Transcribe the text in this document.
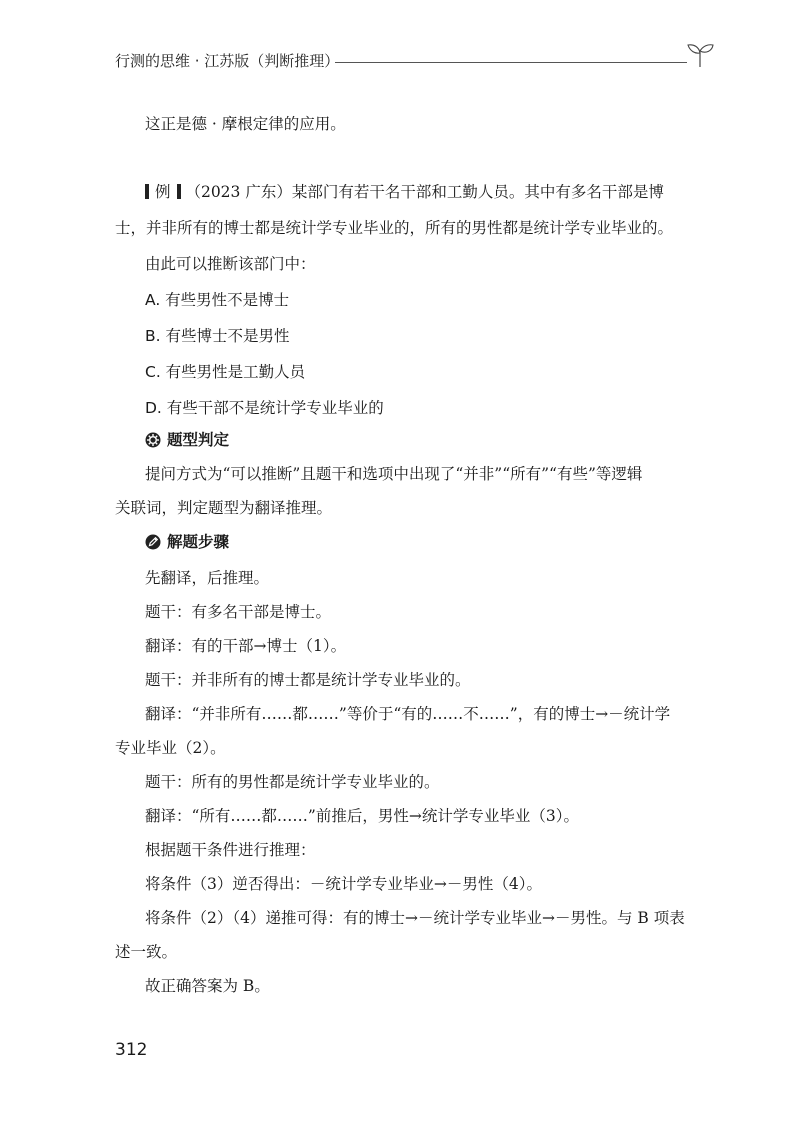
行测的思维 · 江苏版（判断推理）
这正是德 · 摩根定律的应用。
例 （2023 广东）某部门有若干名干部和工勤人员。其中有多名干部是博
士，并非所有的博士都是统计学专业毕业的，所有的男性都是统计学专业毕业的。
由此可以推断该部门中：
A. 有些男性不是博士
B. 有些博士不是男性
C. 有些男性是工勤人员
D. 有些干部不是统计学专业毕业的
题型判定
提问方式为“可以推断”且题干和选项中出现了“并非”“所有”“有些”等逻辑
关联词，判定题型为翻译推理。
解题步骤
先翻译，后推理。
题干：有多名干部是博士。
翻译：有的干部→博士（1）。
题干：并非所有的博士都是统计学专业毕业的。
翻译：“并非所有……都……”等价于“有的……不……”，有的博士→－统计学
专业毕业（2）。
题干：所有的男性都是统计学专业毕业的。
翻译：“所有……都……”前推后，男性→统计学专业毕业（3）。
根据题干条件进行推理：
将条件（3）逆否得出：－统计学专业毕业→－男性（4）。
将条件（2）（4）递推可得：有的博士→－统计学专业毕业→－男性。与 B 项表
述一致。
故正确答案为 B。
312
